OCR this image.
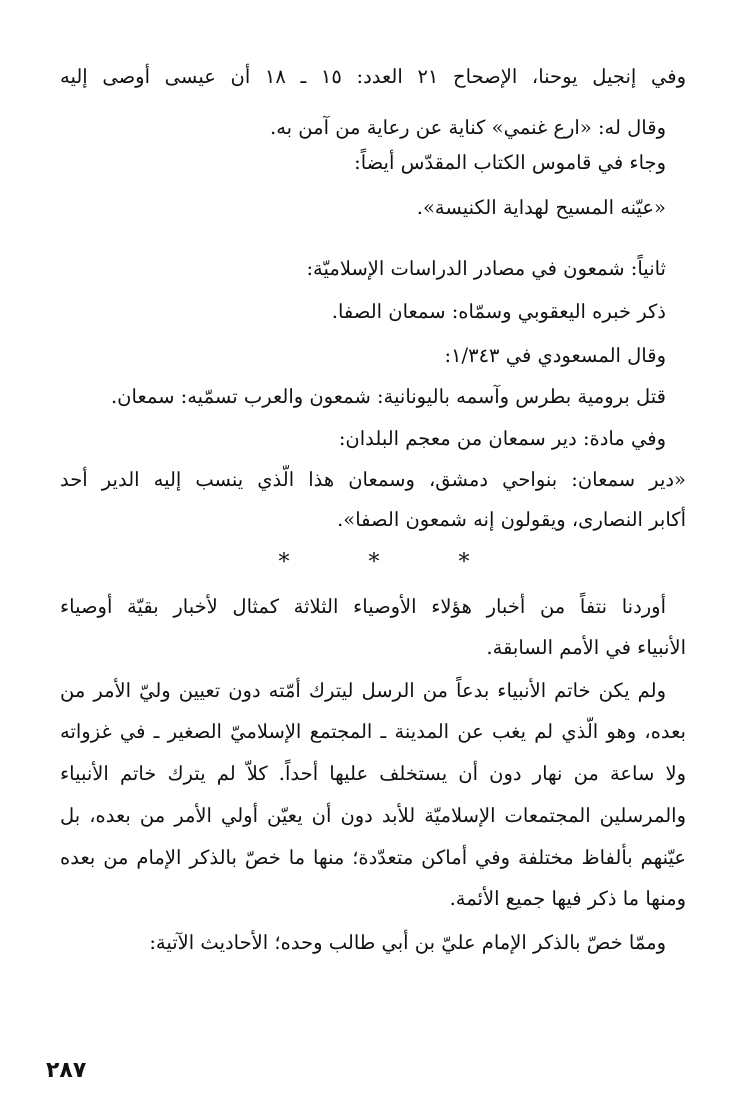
وفي إنجيل يوحنا، الإصحاح ٢١ العدد: ١٥ ـ ١٨ أن عيسى أوصى إليه
وقال له: «ارع غنمي» كناية عن رعاية من آمن به.
وجاء في قاموس الكتاب المقدّس أيضاً:
«عيّنه المسيح لهداية الكنيسة».
ثانياً: شمعون في مصادر الدراسات الإسلاميّة:
ذكر خبره اليعقوبي وسمّاه: سمعان الصفا.
وقال المسعودي في ١/٣٤٣:
قتل برومية بطرس وآسمه باليونانية: شمعون والعرب تسمّيه: سمعان.
وفي مادة: دير سمعان من معجم البلدان:
«دير سمعان: بنواحي دمشق، وسمعان هذا الّذي ينسب إليه الدير أحد
أكابر النصارى، ويقولون إنه شمعون الصفا».
*	*	*
أوردنا نتفاً من أخبار هؤلاء الأوصياء الثلاثة كمثال لأخبار بقيّة أوصياء
الأنبياء في الأمم السابقة.
ولم يكن خاتم الأنبياء بدعاً من الرسل ليترك أمّته دون تعيين وليّ الأمر من
بعده، وهو الّذي لم يغب عن المدينة ـ المجتمع الإسلاميّ الصغير ـ في غزواته
ولا ساعة من نهار دون أن يستخلف عليها أحداً. كلاّ لم يترك خاتم الأنبياء
والمرسلين المجتمعات الإسلاميّة للأبد دون أن يعيّن أولي الأمر من بعده، بل
عيّنهم بألفاظ مختلفة وفي أماكن متعدّدة؛ منها ما خصّ بالذكر الإمام من بعده
ومنها ما ذكر فيها جميع الأئمة.
وممّا خصّ بالذكر الإمام عليّ بن أبي طالب وحده؛ الأحاديث الآتية:
٢٨٧
